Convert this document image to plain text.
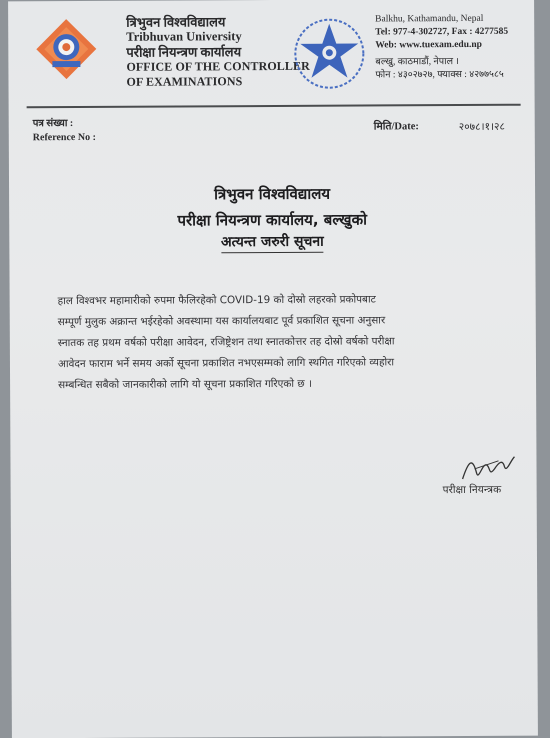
त्रिभुवन विश्वविद्यालय
Tribhuvan University
परीक्षा नियन्त्रण कार्यालय
OFFICE OF THE CONTROLLER
OF EXAMINATIONS
Balkhu, Kathamandu, Nepal
Tel: 977-4-302727, Fax : 4277585
Web: www.tuexam.edu.np
बल्खु, काठमाडौं, नेपाल ।
फोन : ४३०२७२७, फ्याक्स : ४२७७५८५
पत्र संख्या :
Reference No :
मिति/Date:	२०७८।१।२८
त्रिभुवन विश्वविद्यालय
परीक्षा नियन्त्रण कार्यालय, बल्खुको
अत्यन्त जरुरी सूचना
हाल विश्वभर महामारीको रुपमा फैलिरहेको COVID-19 को दोस्रो लहरको प्रकोपबाट
सम्पूर्ण मुलुक अक्रान्त भईरहेको अवस्थामा यस कार्यालयबाट पूर्व प्रकाशित सूचना अनुसार
स्नातक तह प्रथम वर्षको परीक्षा आवेदन, रजिष्ट्रेशन तथा स्नातकोत्तर तह दोस्रो वर्षको परीक्षा
आवेदन फाराम भर्ने समय अर्को सूचना प्रकाशित नभएसम्मको लागि स्थगित गरिएको व्यहोरा
सम्बन्धित सबैको जानकारीको लागि यो सूचना प्रकाशित गरिएको छ ।
परीक्षा नियन्त्रक
